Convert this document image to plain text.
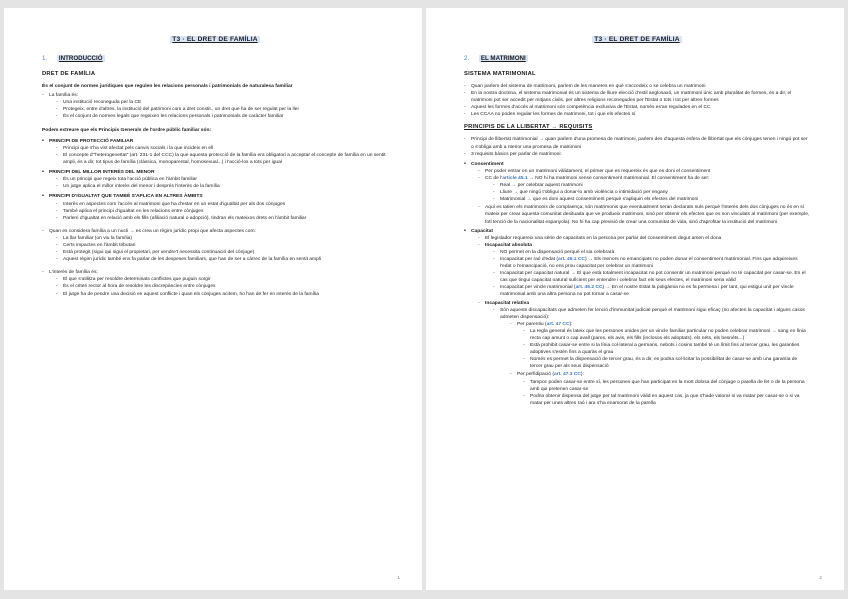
T3 · EL DRET DE FAMÍLIA
1. INTRODUCCIÓ
DRET DE FAMÍLIA
És el conjunt de normes jurídiques que regulen les relacions personals i patrimonials de naturalesa familiar
- La família és:
- Una institució reconeguda per la CE
- Protegeix, entre d'altres, la institució del patrimoni com a dret constit., un dret que ha de ser regulat per la llei
- És el conjunt de normes legals que regeixen les relacions personals i patrimonials de caràcter familiar
Podem extreure que els Principis Generals de l'ordre públic familiar són:
• PRINCIPI DE PROTECCIÓ FAMILIAR
- Principi que s'ha vist afectat pels canvis socials i la que incideix en ell
- El concepte d'“heterogeneïtat” (art. 231-1 del CCC) la que aquesta protecció de la família era obligatori a acceptar el concepte de família en un sentit ampli, és a dir, tot tipus de família (clàssica, monoparental, homosexual...) i l'acció-los a tots per igual
• PRINCIPI DEL MILLOR INTERÈS DEL MENOR
- És un principi que regeix tota l'acció pública en l'àmbit familiar
- Un jutge aplica el millor interès del menor i després l'interès de la família
• PRINCIPI D'IGUALTAT QUE TAMBÉ S'APLICA EN ALTRES ÀMBITS
- Interès en aspectes com l'accés al matrimoni que ha d'estar en un estat d'igualtat per als dos cònjuges
- També aplica el principi d'igualtat en les relacions entre cònjuges
- Parlem d'igualtat en relació amb els fills (afiliació natural o adopció), tindran els mateixos drets en l'àmbit familiar
- Quan es considera família a un nucli → es crea un règim jurídic propi que afecta aspectes com:
- La llar familiar (on viu la família)
- Certs impactes en l'àmbit tributari
- Està protegit (sigui qui sigui el propietari, per vendre't necessita continuació del cònjuge)
- Aquest règim jurídic també ens fa parlar de les despeses familiars, que han de ser a càrrec de la família en sentit ampli
- L'interès de família és:
- El que s'utilitza per resoldre determinats conflictes que puguin sorgir
- És el criteri rector al hora de resoldre les discrepàncies entre cònjuges
- El jutge ha de pendre una decisió en aquest conflicte i quan els cònjuges acitem, ho han de fer en interès de la família
1
T3 · EL DRET DE FAMÍLIA
2. EL MATRIMONI
SISTEMA MATRIMONIAL
- Quan parlem del sistema de matrimoni, parlem de les maneres en què s'accedeix o se celebra un matrimoni
- En la nostra doctrina, el sistema matrimonial és un sistema de lliure elecció d'estil anglosaxó, un matrimoni únic amb pluralitat de formes, és a dir, el matrimoni pot ser accedit per mitjans civils, per altres religions reconegudes per l'Estat o tots i tot per altres formes
- Aquest les formes d'accés al matrimoni són competència exclusiva de l'Estat, només es'an regulades en el CC
- Les CCAA no poden regular les formes de matrimoni, tot i que els efectes sí
PRINCIPIS DE LA LLIBERTAT → REQUISITS
- Principi de llibertat matrimonial → quan parlem d'una promesa de matrimoni, parlem des d'aquesta esfera de llibertat que els cònjuges tenen i ningú pot ser o s'obliga amb a nterior una promesa de matrimoni
- 3 requisits bàsics per parlar de matrimoni:
• Consentiment
- Per poder entrar en un matrimoni vàlidament, el primer que es requereix és que es doni el consentiment
- CC de l'article 45.1 → NO hi ha matrimoni sense consentiment matrimonial. El consentiment ha de ser:
- Real → per celebrar aquest matrimoni
- Lliure → que ningú t'obligui a donar-lo amb violència o intimidació per engany
- Matrimonial → que es doni aquest consentiment perquè s'apliquin els efectes del matrimoni
- Aquí es tatien els matrimonis de complaença, són matrimonis que eventualment seran declarats nuls perquè l'interès dels dos cònjuges no és en sí mateix per crear aquesta comunitat desituada que ve produeix matrimoni, sinó per obtenir els efectes que es son vinculats al matrimoni (per exemple, fotl tenció de la nacionalitat espanyola). No hi ha cap previsió de crear una comunitat de vida, sinó d'aprofitar la institució del matrimoni
• Capacitat
- El legislador requereix una sèrie de capacitats en la persona per parlar del consentiment degut amen el dona
- Incapacitat absoluta
- NO permet en la dispensació perquè el sia celebrarà
- Incapacitat per raó d'edat (art. 46.1 CC) → Els menors no emancipats no poden donar el consentiment matrimonial. Fins que adquireixes l'edat o l'emancipació, no ens prou capacitat per celebrar un matrimoni
- Incapacitat per capacitat natural → El que està totalment incapacitat no pot consentir un matrimoni perquè no té capacitat per casar-se. En el cas que tingui capacitat natural suficient per entendre i celebrar fact els seus efectes, el matrimoni seria vàlid
- Incapacitat per vincle matrimonial (art. 46.2 CC) → En el nostre Estat la poligàmia no es fa permesa i per tant, qui estigui unit per vincle matrimonial amb una altra persona no pot tornar a casar-se
- Incapacitat relativa
- Són aquests discapacitats que admeten fer lenció d'immunitat judicial perquè el matrimoni sigui eficaç (no afecten la capacitat i alguns casos admeten dispensació):
- Per parentiu (art. 47 CC):
- La regla general és lateix que les persones unides per un vincle familiar particular no poden celebrar matrimoni → sang en línia recta cap amunt o cap avall (pares, els avis, els fills (inclosos els adoptats), els néts, els besnéts...)
- Està prohibit casar-se entre si la línia col·lateral a germans, nebots i cosins també té un límit fins al tercer grau, les garanties adoptives s'estén fins a quaràs el grau
- Només es permet la dispensació de tercer grau, és a dir, es podria sol·licitar la possibilitat de casar-se amb una garantia de tercer grau per als seus dispensació
- Per perfidipació (art. 47.3 CC):
- Tampoc poden casar-se entre sí, les persones que han participat en la mort dolosa del cònjuge o parella de fet o de la persona amb qui pretenen casar-se
- Podria obtenir dispensa del jutge per tal matrimoni vàlid en aquest cas, ja que s'hade valorar si va matar per casar-se o si va matar per unes altres raó i ara s'ha enamorat de la parella
2
